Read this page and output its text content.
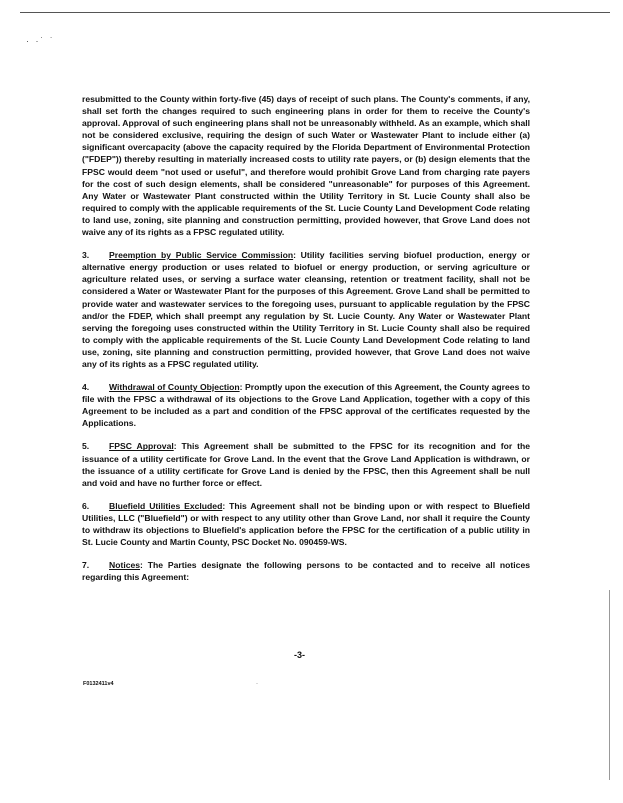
· ·˙ ˙

resubmitted to the County within forty-five (45) days of receipt of such plans. The County's comments, if any, shall set forth the changes required to such engineering plans in order for them to receive the County's approval. Approval of such engineering plans shall not be unreasonably withheld. As an example, which shall not be considered exclusive, requiring the design of such Water or Wastewater Plant to include either (a) significant overcapacity (above the capacity required by the Florida Department of Environmental Protection ("FDEP")) thereby resulting in materially increased costs to utility rate payers, or (b) design elements that the FPSC would deem "not used or useful", and therefore would prohibit Grove Land from charging rate payers for the cost of such design elements, shall be considered "unreasonable" for purposes of this Agreement. Any Water or Wastewater Plant constructed within the Utility Territory in St. Lucie County shall also be required to comply with the applicable requirements of the St. Lucie County Land Development Code relating to land use, zoning, site planning and construction permitting, provided however, that Grove Land does not waive any of its rights as a FPSC regulated utility.

3. Preemption by Public Service Commission: Utility facilities serving biofuel production, energy or alternative energy production or uses related to biofuel or energy production, or serving agriculture or agriculture related uses, or serving a surface water cleansing, retention or treatment facility, shall not be considered a Water or Wastewater Plant for the purposes of this Agreement. Grove Land shall be permitted to provide water and wastewater services to the foregoing uses, pursuant to applicable regulation by the FPSC and/or the FDEP, which shall preempt any regulation by St. Lucie County. Any Water or Wastewater Plant serving the foregoing uses constructed within the Utility Territory in St. Lucie County shall also be required to comply with the applicable requirements of the St. Lucie County Land Development Code relating to land use, zoning, site planning and construction permitting, provided however, that Grove Land does not waive any of its rights as a FPSC regulated utility.

4. Withdrawal of County Objection: Promptly upon the execution of this Agreement, the County agrees to file with the FPSC a withdrawal of its objections to the Grove Land Application, together with a copy of this Agreement to be included as a part and condition of the FPSC approval of the certificates requested by the Applications.

5. FPSC Approval: This Agreement shall be submitted to the FPSC for its recognition and for the issuance of a utility certificate for Grove Land. In the event that the Grove Land Application is withdrawn, or the issuance of a utility certificate for Grove Land is denied by the FPSC, then this Agreement shall be null and void and have no further force or effect.

6. Bluefield Utilities Excluded: This Agreement shall not be binding upon or with respect to Bluefield Utilities, LLC ("Bluefield") or with respect to any utility other than Grove Land, nor shall it require the County to withdraw its objections to Bluefield's application before the FPSC for the certification of a public utility in St. Lucie County and Martin County, PSC Docket No. 090459-WS.

7. Notices: The Parties designate the following persons to be contacted and to receive all notices regarding this Agreement:

-3-
F0132411v4	·
